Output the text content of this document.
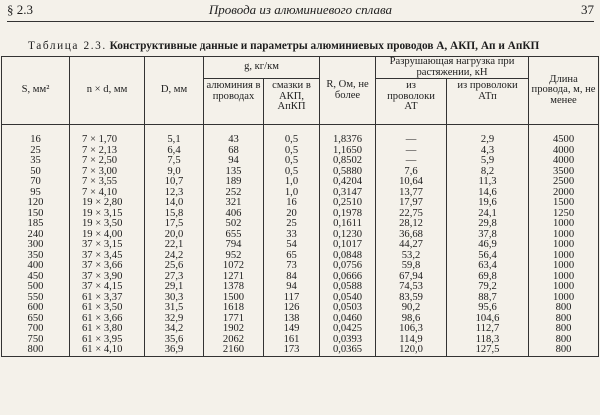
§ 2.3	Провода из алюминиевого сплава	37
Таблица 2.3. Конструктивные данные и параметры алюминиевых проводов А, АКП, Ап и АпКП
S, мм²	n × d, мм	D, мм	g, кг/км		R, Ом, не более	Разрушающая нагрузка при растяжении, кН		Длина провода, м, не менее
			алюминия в проводах	смазки в АКП, АпКП		из проволоки АТ	из проволоки АТп	
16	7 × 1,70	5,1	43	0,5	1,8376	—	2,9	4500
25	7 × 2,13	6,4	68	0,5	1,1650	—	4,3	4000
35	7 × 2,50	7,5	94	0,5	0,8502	—	5,9	4000
50	7 × 3,00	9,0	135	0,5	0,5880	7,6	8,2	3500
70	7 × 3,55	10,7	189	1,0	0,4204	10,64	11,3	2500
95	7 × 4,10	12,3	252	1,0	0,3147	13,77	14,6	2000
120	19 × 2,80	14,0	321	16	0,2510	17,97	19,6	1500
150	19 × 3,15	15,8	406	20	0,1978	22,75	24,1	1250
185	19 × 3,50	17,5	502	25	0,1611	28,12	29,8	1000
240	19 × 4,00	20,0	655	33	0,1230	36,68	37,8	1000
300	37 × 3,15	22,1	794	54	0,1017	44,27	46,9	1000
350	37 × 3,45	24,2	952	65	0,0848	53,2	56,4	1000
400	37 × 3,66	25,6	1072	73	0,0756	59,8	63,4	1000
450	37 × 3,90	27,3	1271	84	0,0666	67,94	69,8	1000
500	37 × 4,15	29,1	1378	94	0,0588	74,53	79,2	1000
550	61 × 3,37	30,3	1500	117	0,0540	83,59	88,7	1000
600	61 × 3,50	31,5	1618	126	0,0503	90,2	95,6	800
650	61 × 3,66	32,9	1771	138	0,0460	98,6	104,6	800
700	61 × 3,80	34,2	1902	149	0,0425	106,3	112,7	800
750	61 × 3,95	35,6	2062	161	0,0393	114,9	118,3	800
800	61 × 4,10	36,9	2160	173	0,0365	120,0	127,5	800
